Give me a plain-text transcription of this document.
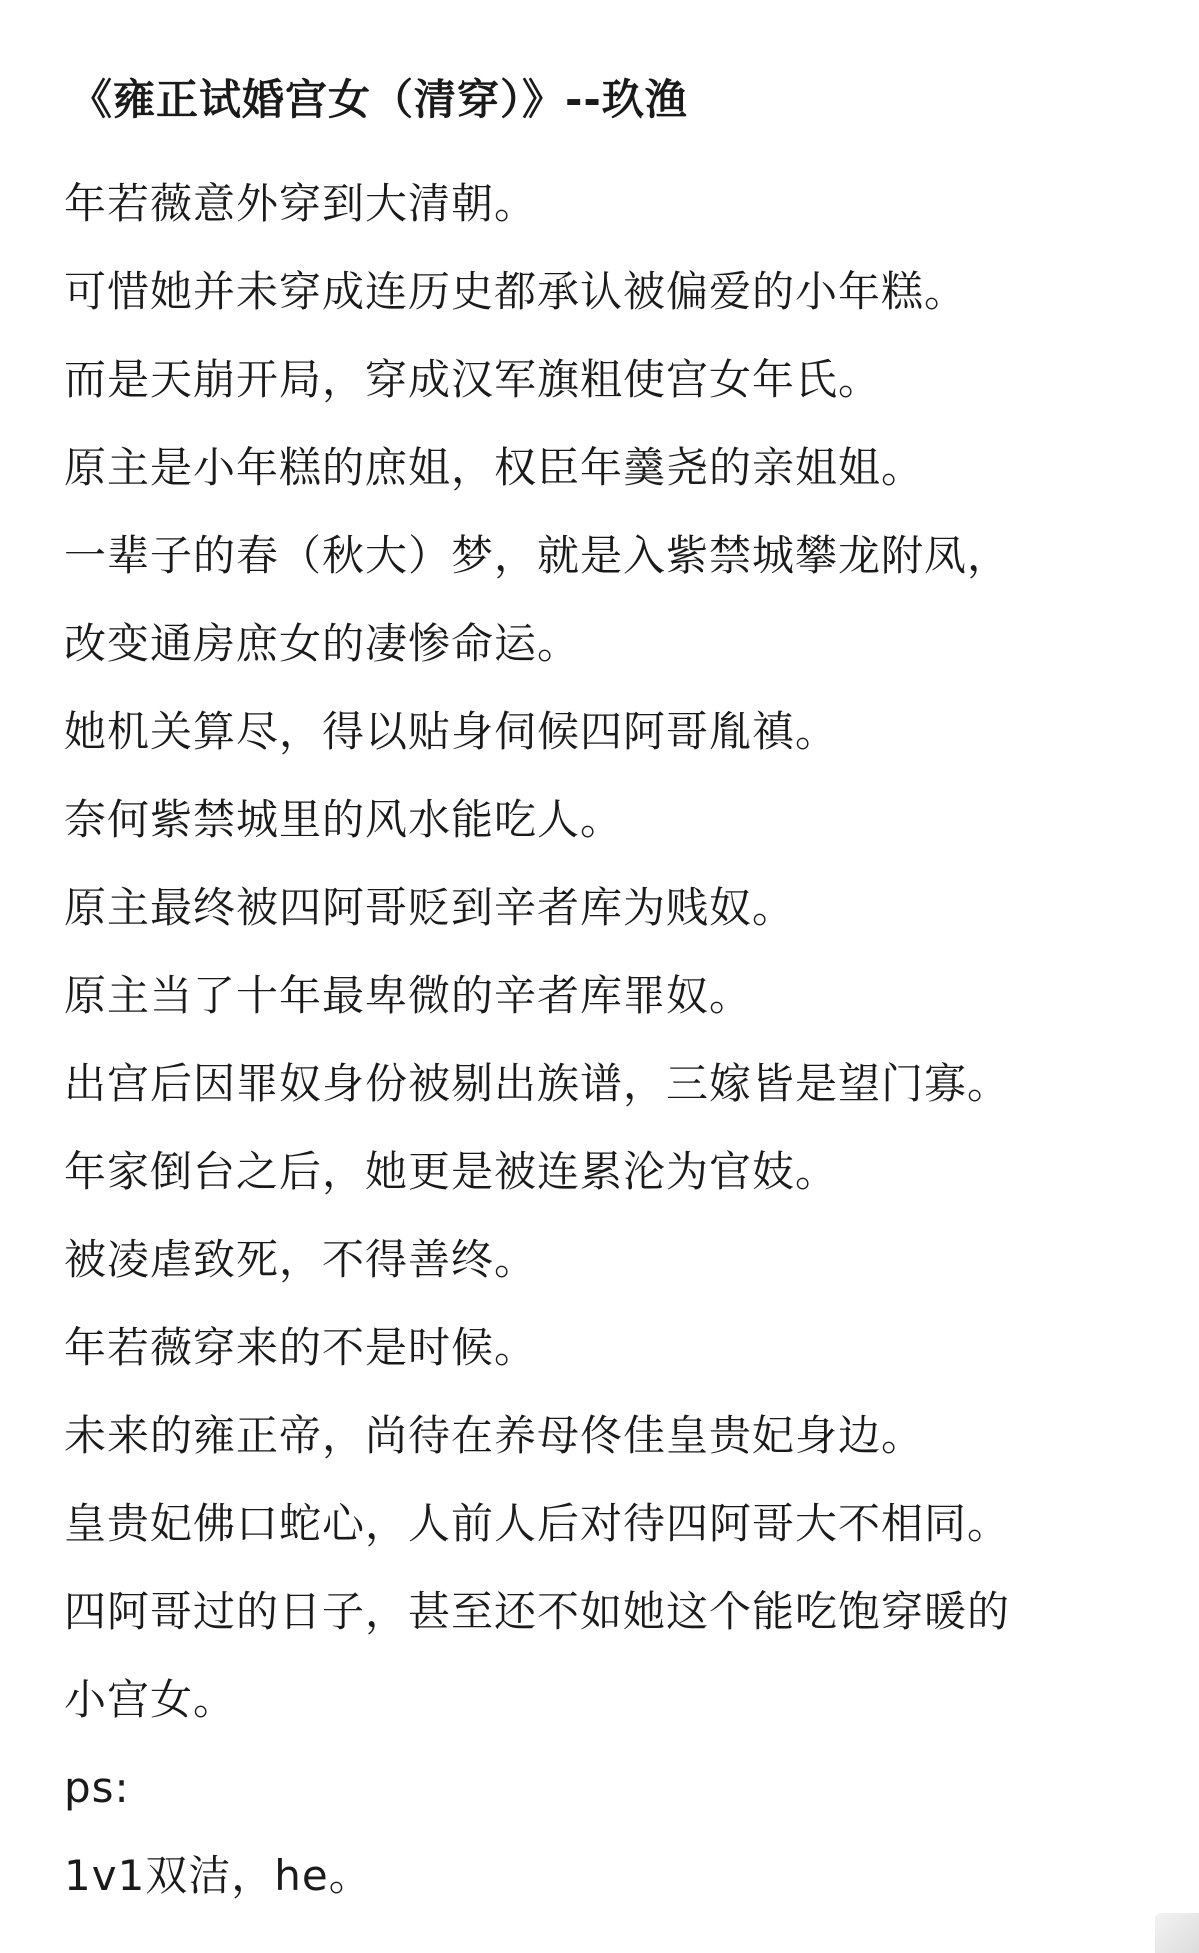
《雍正试婚宫女（清穿）》--玖渔
年若薇意外穿到大清朝。
可惜她并未穿成连历史都承认被偏爱的小年糕。
而是天崩开局，穿成汉军旗粗使宫女年氏。
原主是小年糕的庶姐，权臣年羹尧的亲姐姐。
一辈子的春（秋大）梦，就是入紫禁城攀龙附凤，
改变通房庶女的凄惨命运。
她机关算尽，得以贴身伺候四阿哥胤禛。
奈何紫禁城里的风水能吃人。
原主最终被四阿哥贬到辛者库为贱奴。
原主当了十年最卑微的辛者库罪奴。
出宫后因罪奴身份被剔出族谱，三嫁皆是望门寡。
年家倒台之后，她更是被连累沦为官妓。
被凌虐致死，不得善终。
年若薇穿来的不是时候。
未来的雍正帝，尚待在养母佟佳皇贵妃身边。
皇贵妃佛口蛇心，人前人后对待四阿哥大不相同。
四阿哥过的日子，甚至还不如她这个能吃饱穿暖的
小宫女。
ps:
1v1双洁，he。
